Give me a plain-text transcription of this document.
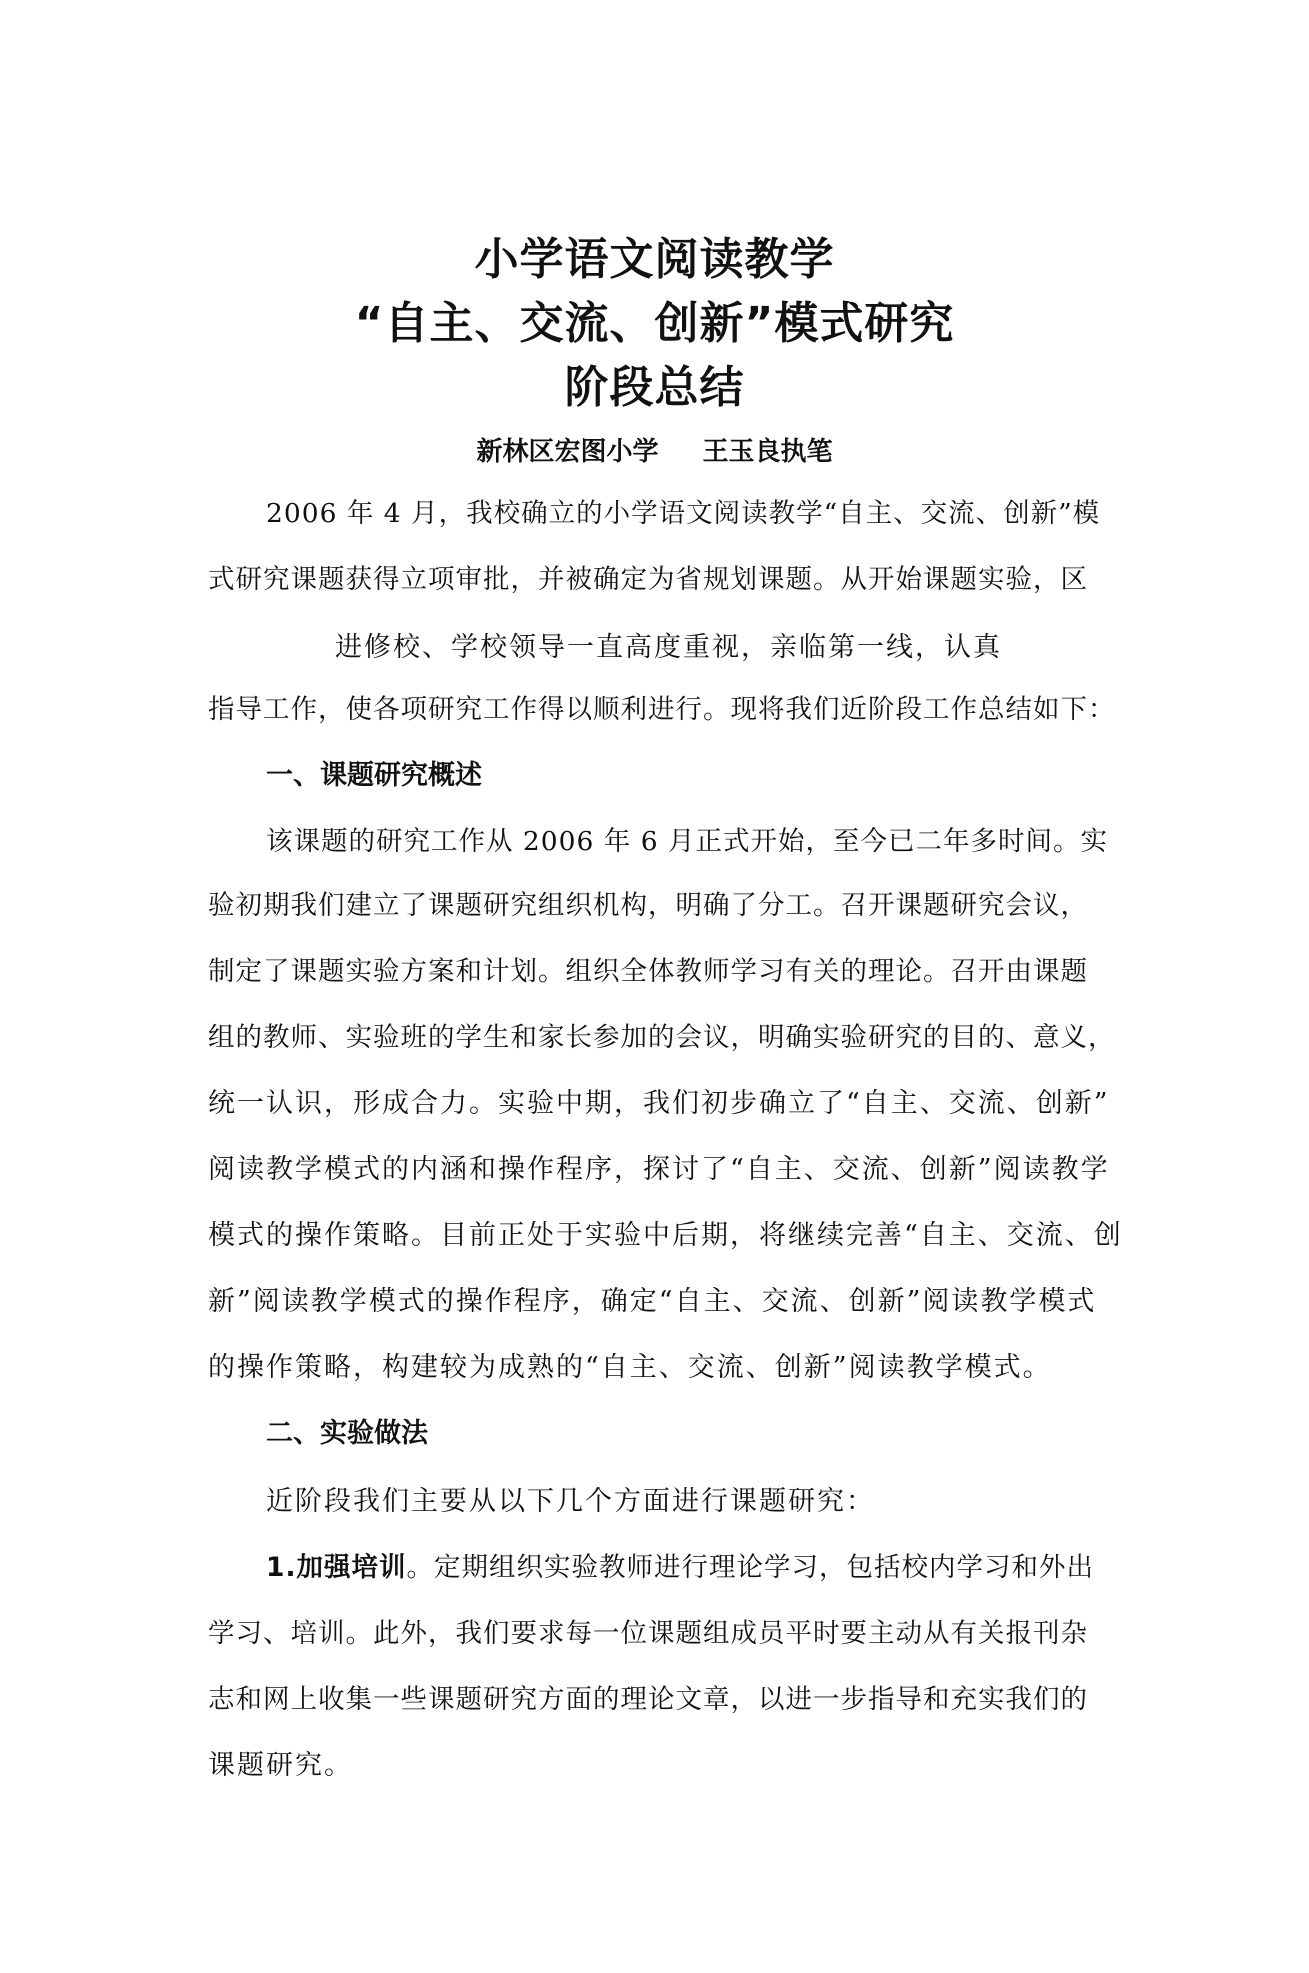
小学语文阅读教学
“自主、交流、创新”模式研究
阶段总结
新林区宏图小学 王玉良执笔
2006 年 4 月，我校确立的小学语文阅读教学“自主、交流、创新”模
式研究课题获得立项审批，并被确定为省规划课题。从开始课题实验，区
进修校、学校领导一直高度重视，亲临第一线，认真
指导工作，使各项研究工作得以顺利进行。现将我们近阶段工作总结如下：
一、课题研究概述
该课题的研究工作从 2006 年 6 月正式开始，至今已二年多时间。实
验初期我们建立了课题研究组织机构，明确了分工。召开课题研究会议，
制定了课题实验方案和计划。组织全体教师学习有关的理论。召开由课题
组的教师、实验班的学生和家长参加的会议，明确实验研究的目的、意义，
统一认识，形成合力。实验中期，我们初步确立了“自主、交流、创新”
阅读教学模式的内涵和操作程序，探讨了“自主、交流、创新”阅读教学
模式的操作策略。目前正处于实验中后期，将继续完善“自主、交流、创
新”阅读教学模式的操作程序，确定“自主、交流、创新”阅读教学模式
的操作策略，构建较为成熟的“自主、交流、创新”阅读教学模式。
二、实验做法
近阶段我们主要从以下几个方面进行课题研究：
1.加强培训。定期组织实验教师进行理论学习，包括校内学习和外出
学习、培训。此外，我们要求每一位课题组成员平时要主动从有关报刊杂
志和网上收集一些课题研究方面的理论文章，以进一步指导和充实我们的
课题研究。
